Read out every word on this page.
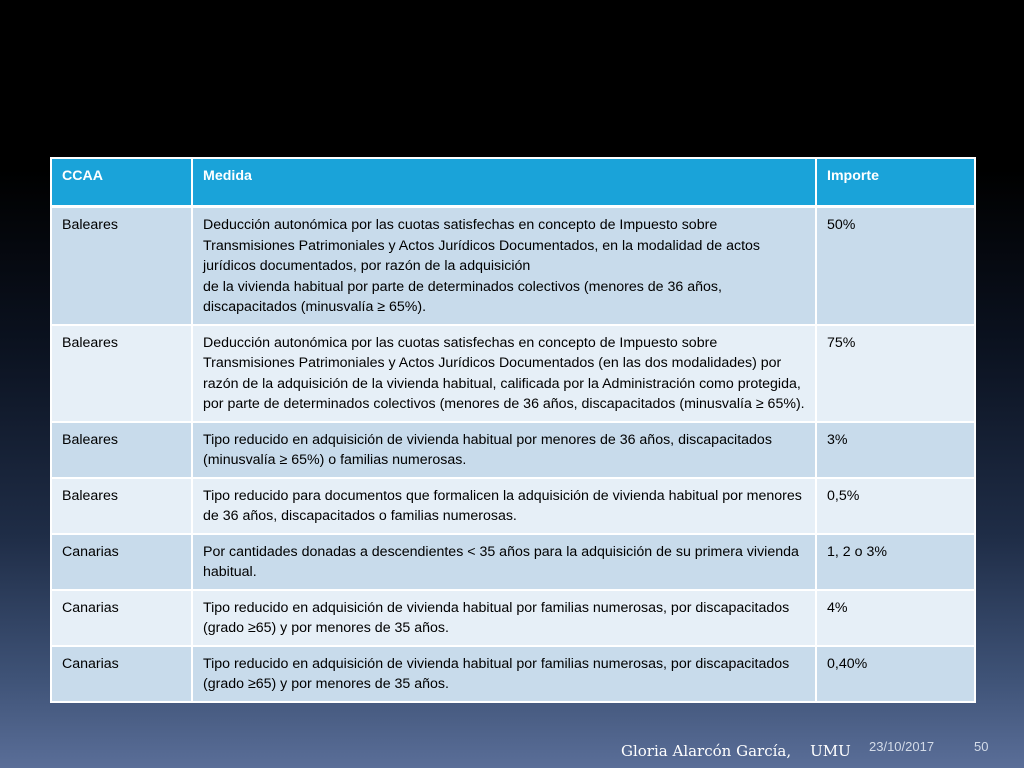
CCAA	Medida	Importe
Baleares	Deducción autonómica por las cuotas satisfechas en concepto de Impuesto sobre Transmisiones Patrimoniales y Actos Jurídicos Documentados, en la modalidad de actos jurídicos documentados, por razón de la adquisición
de la vivienda habitual por parte de determinados colectivos (menores de 36 años, discapacitados (minusvalía ≥ 65%).	50%
Baleares	Deducción autonómica por las cuotas satisfechas en concepto de Impuesto sobre Transmisiones Patrimoniales y Actos Jurídicos Documentados (en las dos modalidades) por razón de la adquisición de la vivienda habitual, calificada por la Administración como protegida, por parte de determinados colectivos (menores de 36 años, discapacitados (minusvalía ≥ 65%).	75%
Baleares	Tipo reducido en adquisición de vivienda habitual por menores de 36 años, discapacitados (minusvalía ≥ 65%) o familias numerosas.	3%
Baleares	Tipo reducido para documentos que formalicen la adquisición de vivienda habitual por menores de 36 años, discapacitados o familias numerosas.	0,5%
Canarias	Por cantidades donadas a descendientes < 35 años para la adquisición de su primera vivienda habitual.	1, 2 o 3%
Canarias	Tipo reducido en adquisición de vivienda habitual por familias numerosas, por discapacitados (grado ≥65) y por menores de 35 años.	4%
Canarias	Tipo reducido en adquisición de vivienda habitual por familias numerosas, por discapacitados (grado ≥65) y por menores de 35 años.	0,40%
Gloria Alarcón García,    UMU 23/10/2017	50
